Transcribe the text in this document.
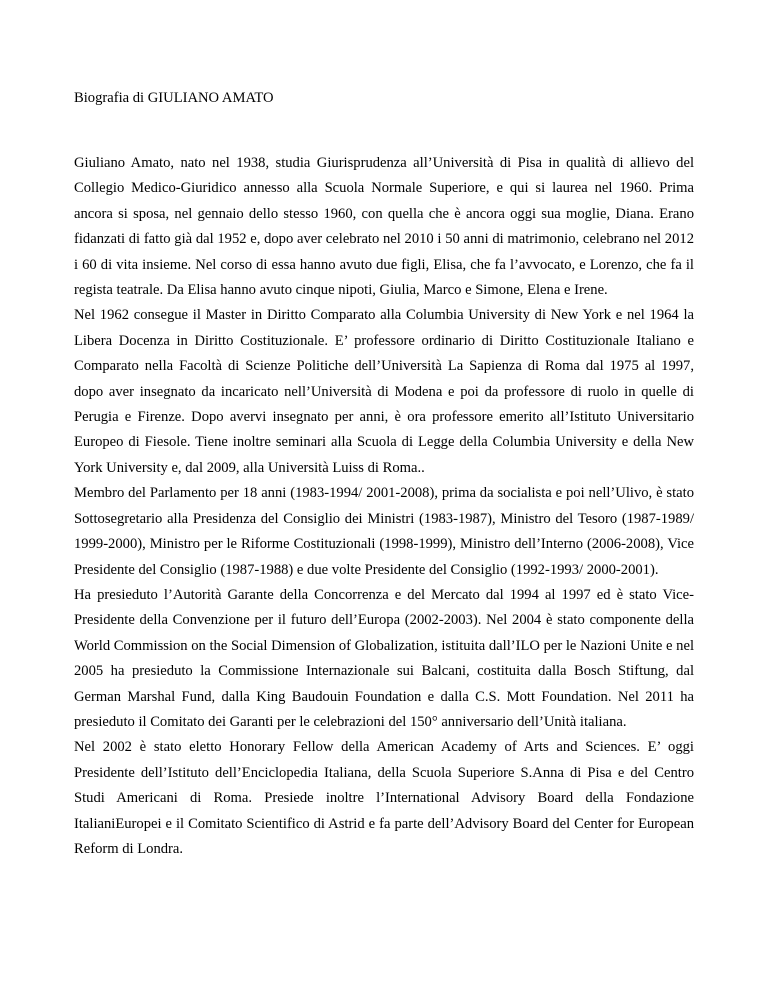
Biografia di GIULIANO AMATO

Giuliano Amato, nato nel 1938, studia Giurisprudenza all’Università di Pisa in qualità di allievo del Collegio Medico-Giuridico annesso alla Scuola Normale Superiore, e qui si laurea nel 1960. Prima ancora si sposa, nel gennaio dello stesso 1960, con quella che è ancora oggi sua moglie, Diana. Erano fidanzati di fatto già dal 1952 e, dopo aver celebrato nel 2010 i 50 anni di matrimonio, celebrano nel 2012 i 60 di vita insieme. Nel corso di essa hanno avuto due figli, Elisa, che fa l’avvocato, e Lorenzo, che fa il regista teatrale. Da Elisa hanno avuto cinque nipoti, Giulia, Marco e Simone, Elena e Irene.

Nel 1962 consegue il Master in Diritto Comparato alla Columbia University di New York e nel 1964 la Libera Docenza in Diritto Costituzionale. E’ professore ordinario di Diritto Costituzionale Italiano e Comparato nella Facoltà di Scienze Politiche dell’Università La Sapienza di Roma dal 1975 al 1997, dopo aver insegnato da incaricato nell’Università di Modena e poi da professore di ruolo in quelle di Perugia e Firenze. Dopo avervi insegnato per anni, è ora professore emerito all’Istituto Universitario Europeo di Fiesole. Tiene inoltre seminari alla Scuola di Legge della Columbia University e della New York University e, dal 2009, alla Università Luiss di Roma..

Membro del Parlamento per 18 anni (1983-1994/ 2001-2008), prima da socialista e poi nell’Ulivo, è stato Sottosegretario alla Presidenza del Consiglio dei Ministri (1983-1987), Ministro del Tesoro (1987-1989/ 1999-2000), Ministro per le Riforme Costituzionali (1998-1999), Ministro dell’Interno (2006-2008), Vice Presidente del Consiglio (1987-1988) e due volte Presidente del Consiglio (1992-1993/ 2000-2001).

Ha presieduto l’Autorità Garante della Concorrenza e del Mercato dal 1994 al 1997 ed è stato Vice-Presidente della Convenzione per il futuro dell’Europa (2002-2003). Nel 2004 è stato componente della World Commission on the Social Dimension of Globalization, istituita dall’ILO per le Nazioni Unite e nel 2005 ha presieduto la Commissione Internazionale sui Balcani, costituita dalla Bosch Stiftung, dal German Marshal Fund, dalla King Baudouin Foundation e dalla C.S. Mott Foundation. Nel 2011 ha presieduto il Comitato dei Garanti per le celebrazioni del 150° anniversario dell’Unità italiana.

Nel 2002 è stato eletto Honorary Fellow della American Academy of Arts and Sciences. E’ oggi Presidente dell’Istituto dell’Enciclopedia Italiana, della Scuola Superiore S.Anna di Pisa e del Centro Studi Americani di Roma. Presiede inoltre l’International Advisory Board della Fondazione ItalianiEuropei e il Comitato Scientifico di Astrid e fa parte dell’Advisory Board del Center for European Reform di Londra.
